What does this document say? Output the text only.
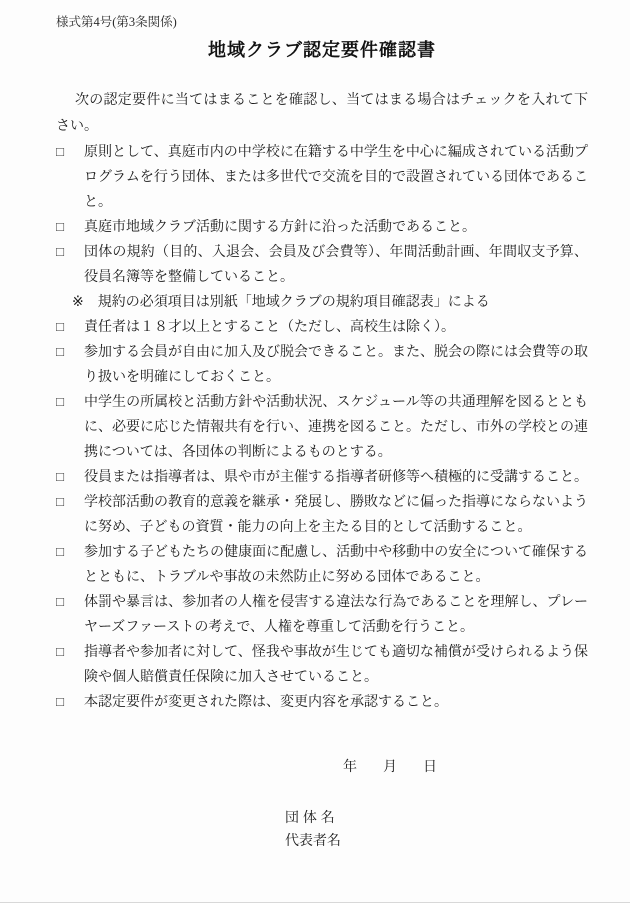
様式第4号(第3条関係)
地域クラブ認定要件確認書

次の認定要件に当てはまることを確認し、当てはまる場合はチェックを入れて下さい。

□	原則として、真庭市内の中学校に在籍する中学生を中心に編成されている活動プログラムを行う団体、または多世代で交流を目的で設置されている団体であること。
□	真庭市地域クラブ活動に関する方針に沿った活動であること。
□	団体の規約（目的、入退会、会員及び会費等）、年間活動計画、年間収支予算、役員名簿等を整備していること。
※　規約の必須項目は別紙「地域クラブの規約項目確認表」による
□	責任者は１８才以上とすること（ただし、高校生は除く）。
□	参加する会員が自由に加入及び脱会できること。また、脱会の際には会費等の取り扱いを明確にしておくこと。
□	中学生の所属校と活動方針や活動状況、スケジュール等の共通理解を図るとともに、必要に応じた情報共有を行い、連携を図ること。ただし、市外の学校との連携については、各団体の判断によるものとする。
□	役員または指導者は、県や市が主催する指導者研修等へ積極的に受講すること。
□	学校部活動の教育的意義を継承・発展し、勝敗などに偏った指導にならないように努め、子どもの資質・能力の向上を主たる目的として活動すること。
□	参加する子どもたちの健康面に配慮し、活動中や移動中の安全について確保するとともに、トラブルや事故の未然防止に努める団体であること。
□	体罰や暴言は、参加者の人権を侵害する違法な行為であることを理解し、プレーヤーズファーストの考えで、人権を尊重して活動を行うこと。
□	指導者や参加者に対して、怪我や事故が生じても適切な補償が受けられるよう保険や個人賠償責任保険に加入させていること。
□	本認定要件が変更された際は、変更内容を承認すること。
年　月　日
団 体 名
代表者名
